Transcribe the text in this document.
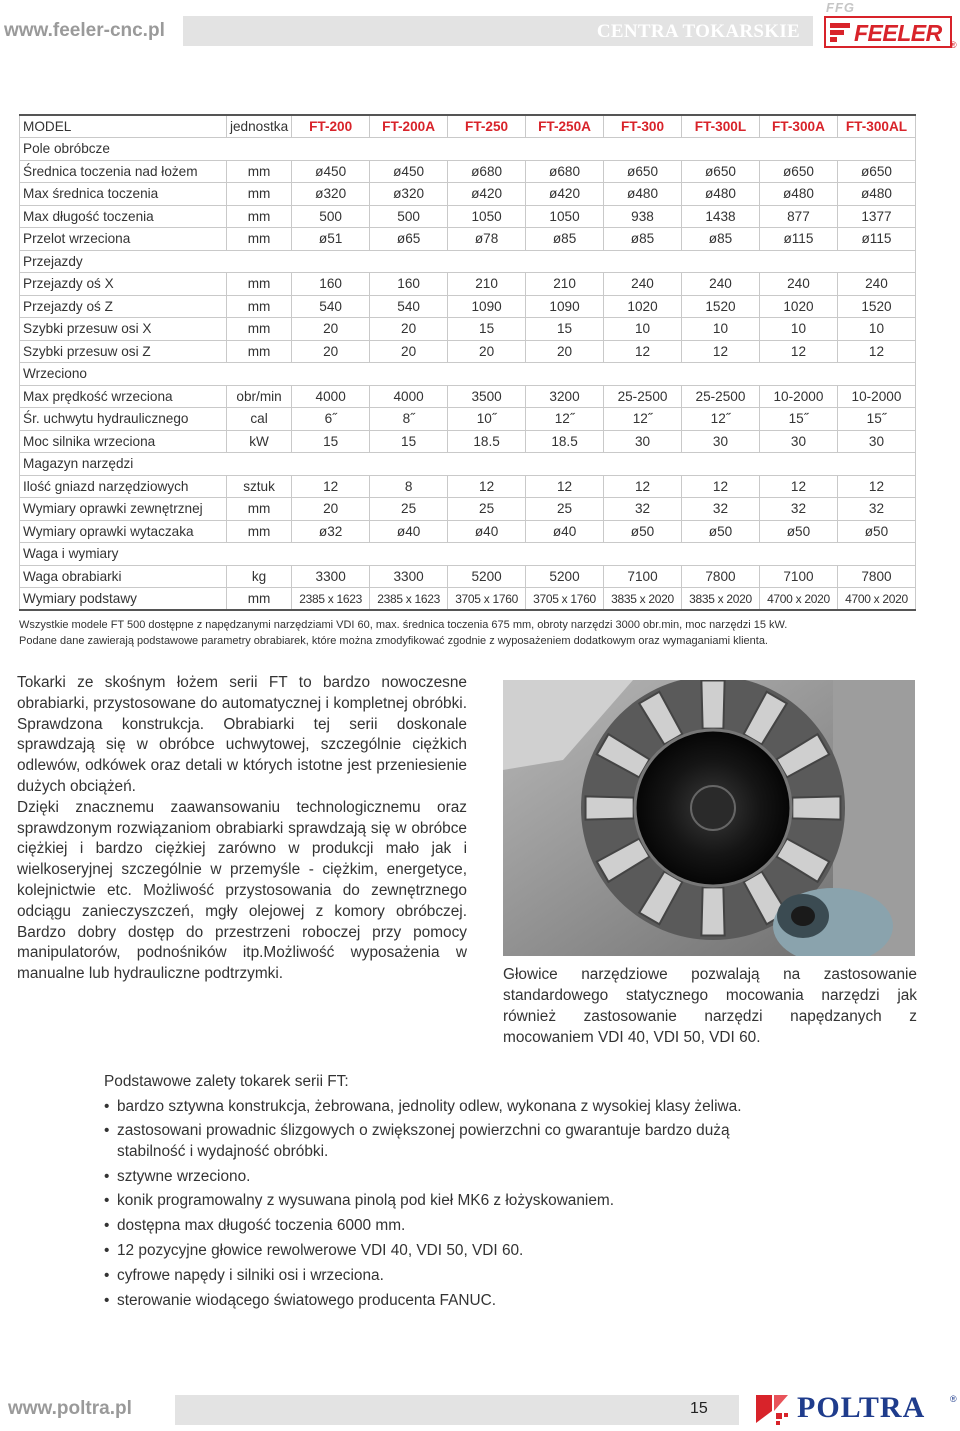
www.feeler-cnc.pl	CENTRA TOKARSKIE
FFG
FEELER ®
MODEL	jednostka	FT-200	FT-200A	FT-250	FT-250A	FT-300	FT-300L	FT-300A	FT-300AL
Pole obróbcze									
Średnica toczenia nad łożem	mm	ø450	ø450	ø680	ø680	ø650	ø650	ø650	ø650
Max średnica toczenia	mm	ø320	ø320	ø420	ø420	ø480	ø480	ø480	ø480
Max długość toczenia	mm	500	500	1050	1050	938	1438	877	1377
Przelot wrzeciona	mm	ø51	ø65	ø78	ø85	ø85	ø85	ø115	ø115
Przejazdy									
Przejazdy oś X	mm	160	160	210	210	240	240	240	240
Przejazdy oś Z	mm	540	540	1090	1090	1020	1520	1020	1520
Szybki przesuw osi X	mm	20	20	15	15	10	10	10	10
Szybki przesuw osi Z	mm	20	20	20	20	12	12	12	12
Wrzeciono									
Max prędkość wrzeciona	obr/min	4000	4000	3500	3200	25-2500	25-2500	10-2000	10-2000
Śr. uchwytu hydraulicznego	cal	6˝	8˝	10˝	12˝	12˝	12˝	15˝	15˝
Moc silnika wrzeciona	kW	15	15	18.5	18.5	30	30	30	30
Magazyn narzędzi									
Ilość gniazd narzędziowych	sztuk	12	8	12	12	12	12	12	12
Wymiary oprawki zewnętrznej	mm	20	25	25	25	32	32	32	32
Wymiary oprawki wytaczaka	mm	ø32	ø40	ø40	ø40	ø50	ø50	ø50	ø50
Waga i wymiary									
Waga obrabiarki	kg	3300	3300	5200	5200	7100	7800	7100	7800
Wymiary podstawy	mm	2385 x 1623	2385 x 1623	3705 x 1760	3705 x 1760	3835 x 2020	3835 x 2020	4700 x 2020	4700 x 2020
Wszystkie modele FT 500 dostępne z napędzanymi narzędziami VDI 60, max. średnica toczenia 675 mm, obroty narzędzi 3000 obr.min, moc narzędzi 15 kW.
Podane dane zawierają podstawowe parametry obrabiarek, które można zmodyfikować zgodnie z wyposażeniem dodatkowym oraz wymaganiami klienta.

Tokarki ze skośnym łożem serii FT to bardzo nowoczesne obrabiarki, przystosowane do automatycznej i kompletnej obróbki. Sprawdzona konstrukcja. Obrabiarki tej serii doskonale sprawdzają się w obróbce uchwytowej, szczególnie ciężkich odlewów, odkówek oraz detali w których istotne jest przeniesienie dużych obciążeń.

Dzięki znacznemu zaawansowaniu technologicznemu oraz sprawdzonym rozwiązaniom obrabiarki sprawdzają się w obróbce ciężkiej i bardzo ciężkiej zarówno w produkcji mało jak i wielkoseryjnej szczególnie w przemyśle - ciężkim, energetyce, kolejnictwie etc. Możliwość przystosowania do zewnętrznego odciągu zanieczyszczeń, mgły olejowej z komory obróbczej. Bardzo dobry dostęp do przestrzeni roboczej przy pomocy manipulatorów, podnośników itp.Możliwość wyposażenia w manualne lub hydrauliczne podtrzymki.	Głowice narzędziowe pozwalają na zastosowanie standardowego statycznego mocowania narzędzi jak również zastosowanie narzędzi napędzanych z mocowaniem VDI 40, VDI 50, VDI 60.
Podstawowe zalety tokarek serii FT:
• bardzo sztywna konstrukcja, żebrowana, jednolity odlew, wykonana z wysokiej klasy żeliwa.
• zastosowani prowadnic ślizgowych o zwiększonej powierzchni co gwarantuje bardzo dużą stabilność i wydajność obróbki.
• sztywne wrzeciono.
• konik programowalny z wysuwana pinolą pod kieł MK6 z łożyskowaniem.
• dostępna max długość toczenia 6000 mm.
• 12 pozycyjne głowice rewolwerowe VDI 40, VDI 50, VDI 60.
• cyfrowe napędy i silniki osi i wrzeciona.
• sterowanie wiodącego światowego producenta FANUC.
www.poltra.pl	15	POLTRA	®
